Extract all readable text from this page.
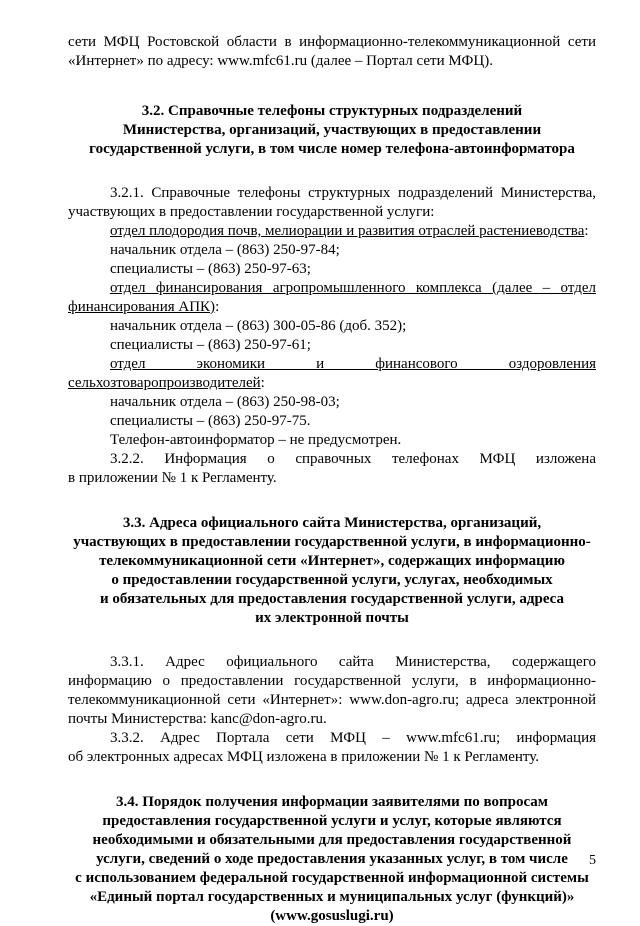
сети МФЦ Ростовской области в информационно-телекоммуникационной сети

«Интернет» по адресу: www.mfc61.ru (далее – Портал сети МФЦ).

3.2. Справочные телефоны структурных подразделений
Министерства, организаций, участвующих в предоставлении
государственной услуги, в том числе номер телефона-автоинформатора

3.2.1. Справочные телефоны структурных подразделений Министерства,

участвующих в предоставлении государственной услуги:

отдел плодородия почв, мелиорации и развития отраслей растениеводства:

начальник отдела – (863) 250-97-84;

специалисты – (863) 250-97-63;

отдел финансирования агропромышленного комплекса (далее – отдел

финансирования АПК):

начальник отдела – (863) 300-05-86 (доб. 352);

специалисты – (863) 250-97-61;

отдел экономики и финансового оздоровления

сельхозтоваропроизводителей:

начальник отдела – (863) 250-98-03;

специалисты – (863) 250-97-75.

Телефон-автоинформатор – не предусмотрен.

3.2.2. Информация о справочных телефонах МФЦ изложена

в приложении № 1 к Регламенту.

3.3. Адреса официального сайта Министерства, организаций,
участвующих в предоставлении государственной услуги, в информационно-
телекоммуникационной сети «Интернет», содержащих информацию
о предоставлении государственной услуги, услугах, необходимых
и обязательных для предоставления государственной услуги, адреса
их электронной почты

3.3.1. Адрес официального сайта Министерства, содержащего

информацию о предоставлении государственной услуги, в информационно-

телекоммуникационной сети «Интернет»: www.don-agro.ru; адреса электронной

почты Министерства: kanc@don-agro.ru.

3.3.2. Адрес Портала сети МФЦ – www.mfc61.ru; информация

об электронных адресах МФЦ изложена в приложении № 1 к Регламенту.

3.4. Порядок получения информации заявителями по вопросам
предоставления государственной услуги и услуг, которые являются
необходимыми и обязательными для предоставления государственной
услуги, сведений о ходе предоставления указанных услуг, в том числе
с использованием федеральной государственной информационной системы
«Единый портал государственных и муниципальных услуг (функций)»
(www.gosuslugi.ru)
5
